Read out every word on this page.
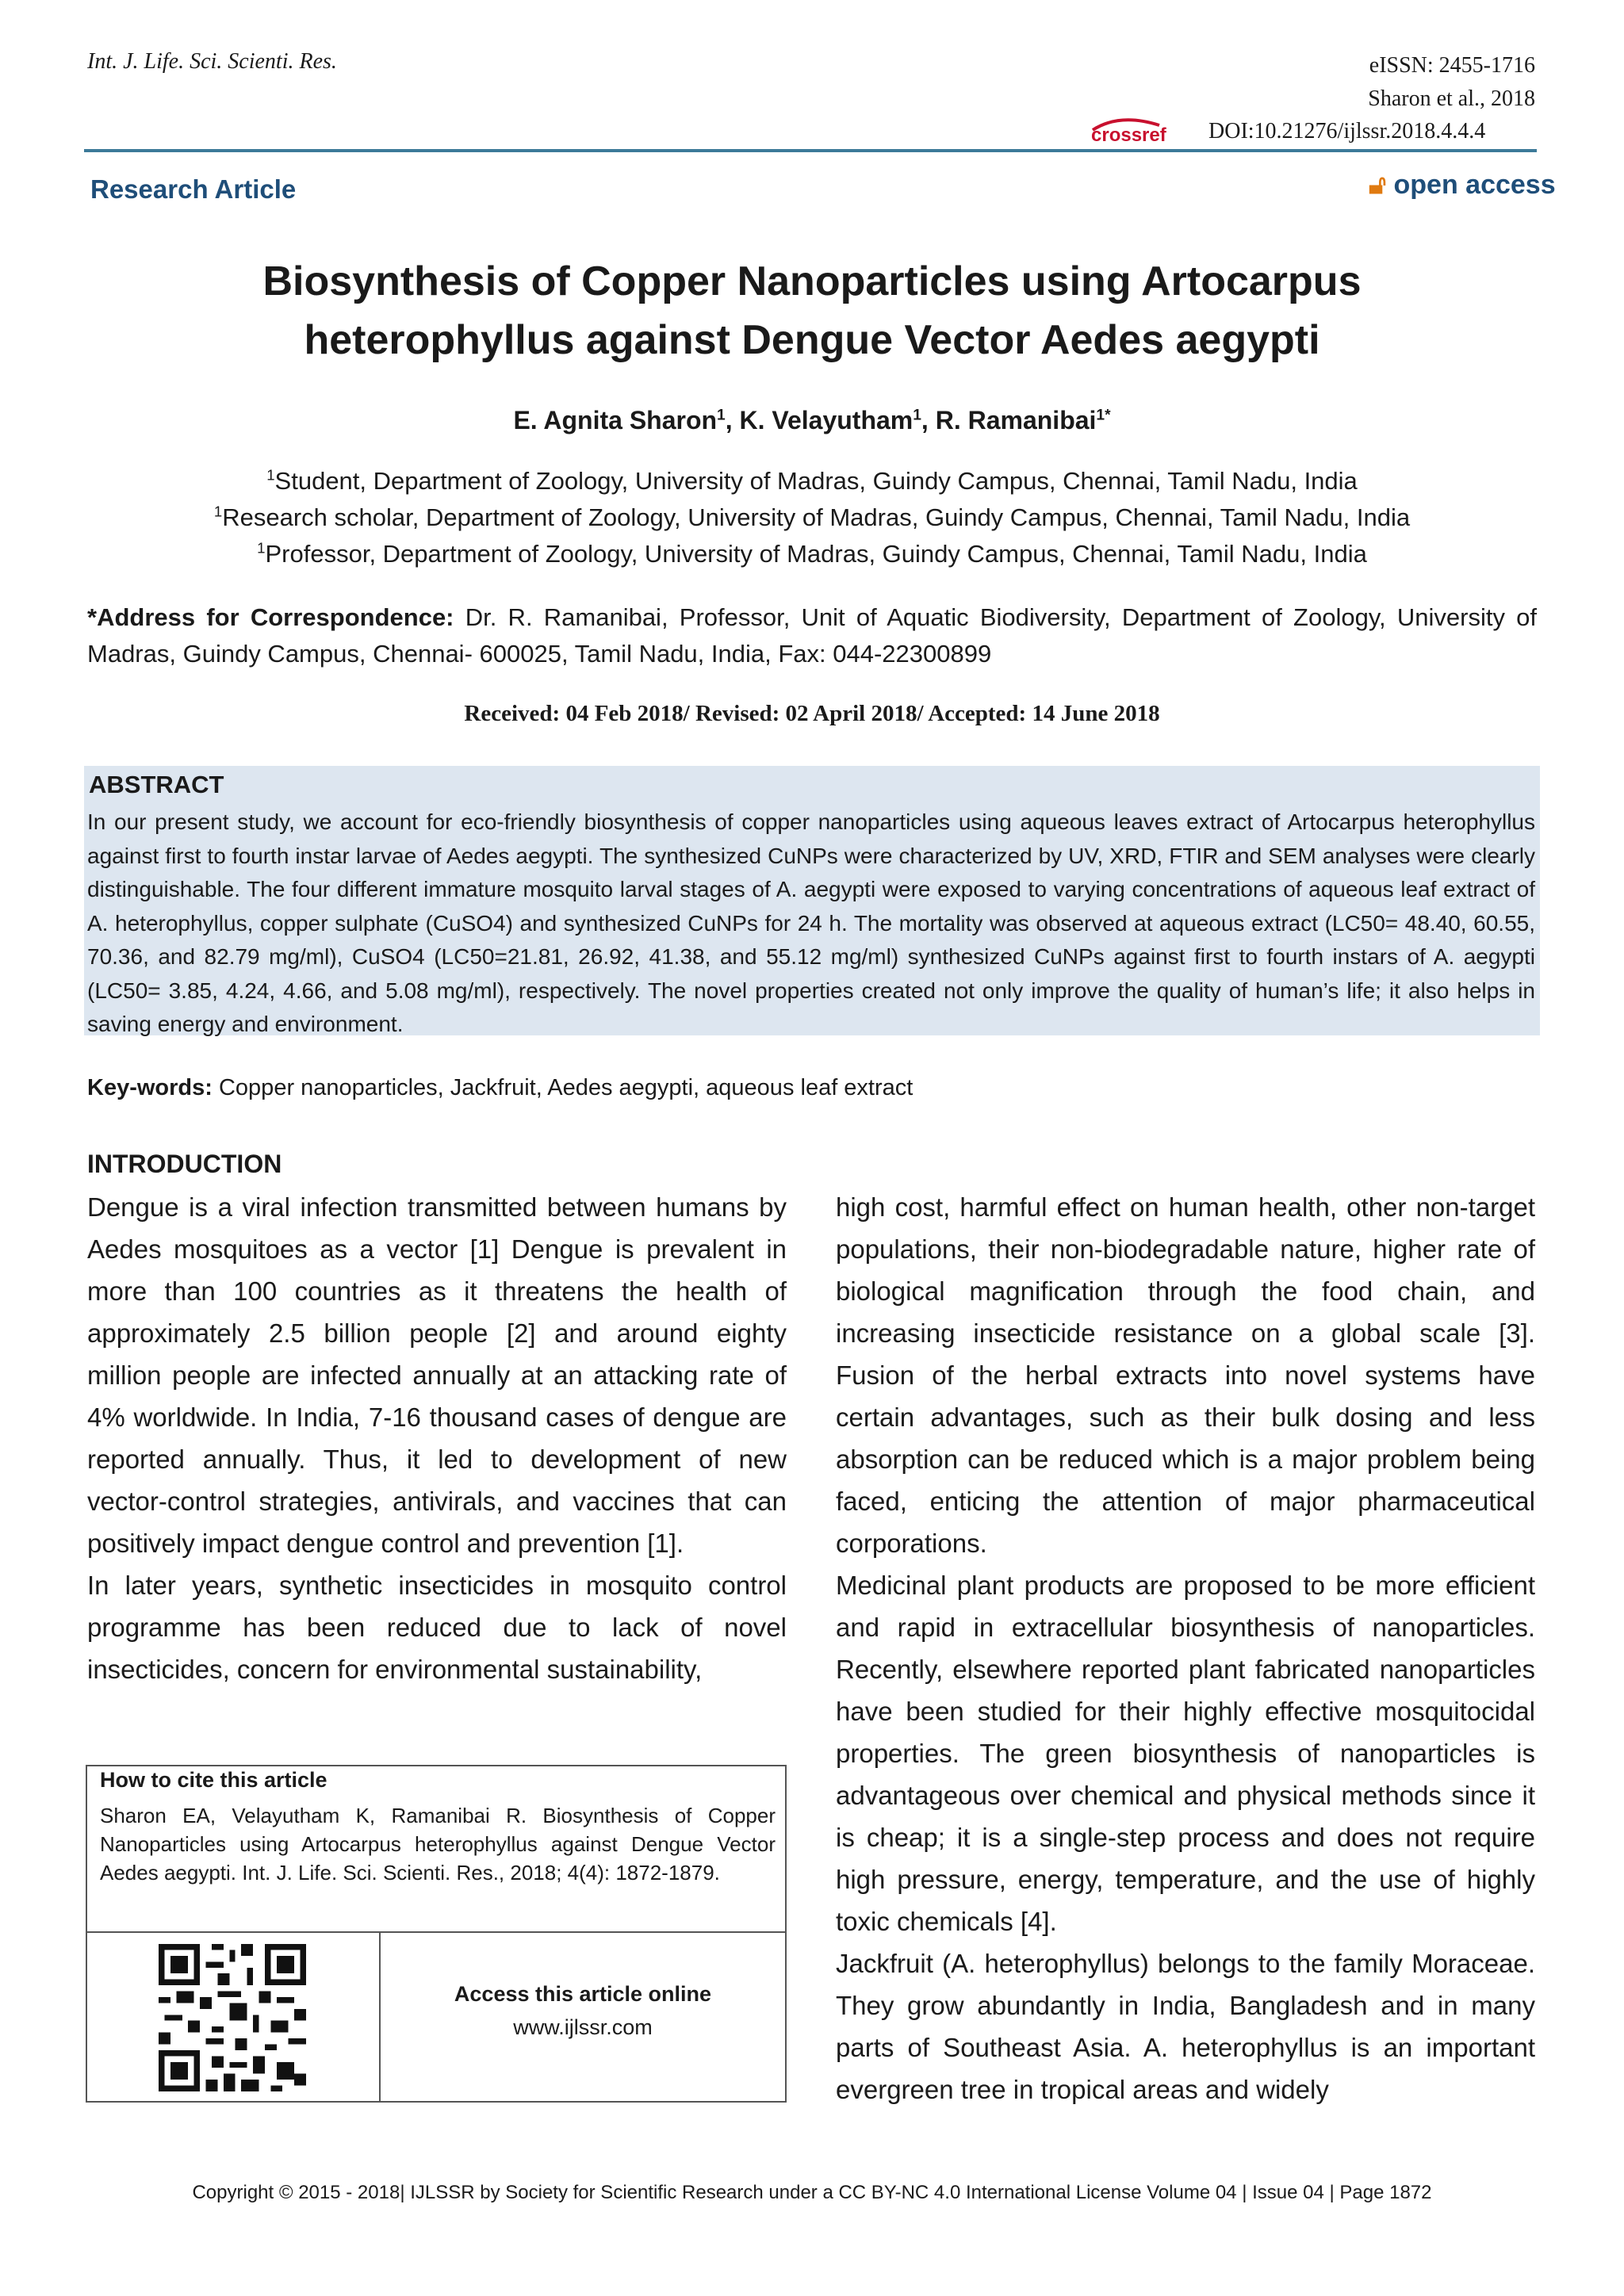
Int. J. Life. Sci. Scienti. Res.	eISSN: 2455-1716
Sharon et al., 2018
crossref DOI:10.21276/ijlssr.2018.4.4.4
Research Article	🔓︎ open access
Biosynthesis of Copper Nanoparticles using Artocarpus
heterophyllus against Dengue Vector Aedes aegypti
E. Agnita Sharon$^1$, K. Velayutham$^1$, R. Ramanibai$^{1*}$
$^1$Student, Department of Zoology, University of Madras, Guindy Campus, Chennai, Tamil Nadu, India
$^1$Research scholar, Department of Zoology, University of Madras, Guindy Campus, Chennai, Tamil Nadu, India
$^1$Professor, Department of Zoology, University of Madras, Guindy Campus, Chennai, Tamil Nadu, India
*Address for Correspondence: Dr. R. Ramanibai, Professor, Unit of Aquatic Biodiversity, Department of Zoology, University of Madras, Guindy Campus, Chennai- 600025, Tamil Nadu, India, Fax: 044-22300899
Received: 04 Feb 2018/ Revised: 02 April 2018/ Accepted: 14 June 2018
ABSTRACT
In our present study, we account for eco-friendly biosynthesis of copper nanoparticles using aqueous leaves extract of Artocarpus heterophyllus against first to fourth instar larvae of Aedes aegypti. The synthesized CuNPs were characterized by UV, XRD, FTIR and SEM analyses were clearly distinguishable. The four different immature mosquito larval stages of A. aegypti were exposed to varying concentrations of aqueous leaf extract of A. heterophyllus, copper sulphate (CuSO4) and synthesized CuNPs for 24 h. The mortality was observed at aqueous extract (LC50= 48.40, 60.55, 70.36, and 82.79 mg/ml), CuSO4 (LC50=21.81, 26.92, 41.38, and 55.12 mg/ml) synthesized CuNPs against first to fourth instars of A. aegypti (LC50= 3.85, 4.24, 4.66, and 5.08 mg/ml), respectively. The novel properties created not only improve the quality of human’s life; it also helps in saving energy and environment.
Key-words: Copper nanoparticles, Jackfruit, Aedes aegypti, aqueous leaf extract
INTRODUCTION

Dengue is a viral infection transmitted between humans by Aedes mosquitoes as a vector [1] Dengue is prevalent in more than 100 countries as it threatens the health of approximately 2.5 billion people [2] and around eighty million people are infected annually at an attacking rate of 4% worldwide. In India, 7-16 thousand cases of dengue are reported annually. Thus, it led to development of new vector-control strategies, antivirals, and vaccines that can positively impact dengue control and prevention [1].

In later years, synthetic insecticides in mosquito control programme has been reduced due to lack of novel insecticides, concern for environmental sustainability,

high cost, harmful effect on human health, other non-target populations, their non-biodegradable nature, higher rate of biological magnification through the food chain, and increasing insecticide resistance on a global scale [3]. Fusion of the herbal extracts into novel systems have certain advantages, such as their bulk dosing and less absorption can be reduced which is a major problem being faced, enticing the attention of major pharmaceutical corporations.

Medicinal plant products are proposed to be more efficient and rapid in extracellular biosynthesis of nanoparticles. Recently, elsewhere reported plant fabricated nanoparticles have been studied for their highly effective mosquitocidal properties. The green biosynthesis of nanoparticles is advantageous over chemical and physical methods since it is cheap; it is a single-step process and does not require high pressure, energy, temperature, and the use of highly toxic chemicals [4].

Jackfruit (A. heterophyllus) belongs to the family Moraceae. They grow abundantly in India, Bangladesh and in many parts of Southeast Asia. A. heterophyllus is an important evergreen tree in tropical areas and widely

How to cite this article
Sharon EA, Velayutham K, Ramanibai R. Biosynthesis of Copper Nanoparticles using Artocarpus heterophyllus against Dengue Vector Aedes aegypti. Int. J. Life. Sci. Scienti. Res., 2018; 4(4): 1872-1879.
Access this article online
www.ijlssr.com
Copyright © 2015 - 2018| IJLSSR by Society for Scientific Research under a CC BY-NC 4.0 International License Volume 04 | Issue 04 | Page 1872
